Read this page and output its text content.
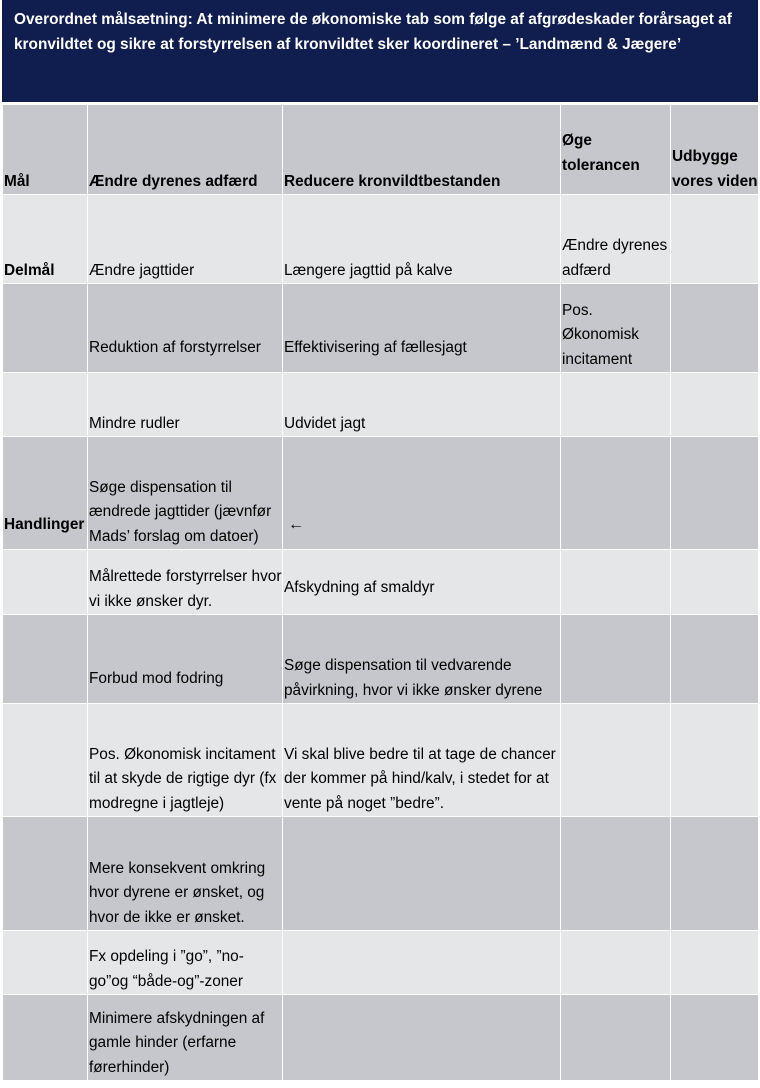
Overordnet målsætning: At minimere de økonomiske tab som følge af afgrødeskader forårsaget af kronvildtet og sikre at forstyrrelsen af kronvildtet sker koordineret – ’Landmænd & Jægere’

Mål	Ændre dyrenes adfærd	Reducere kronvildtbestanden	Øge tolerancen	Udbygge vores viden
Delmål	Ændre jagttider	Længere jagttid på kalve	Ændre dyrenes adfærd	
	Reduktion af forstyrrelser	Effektivisering af fællesjagt	Pos. Økonomisk incitament	
	Mindre rudler	Udvidet jagt		
Handlinger	Søge dispensation til ændrede jagttider (jævnfør Mads’ forslag om datoer)	←		
	Målrettede forstyrrelser hvor vi ikke ønsker dyr.	Afskydning af smaldyr		
	Forbud mod fodring	Søge dispensation til vedvarende påvirkning, hvor vi ikke ønsker dyrene		
	Pos. Økonomisk incitament til at skyde de rigtige dyr (fx modregne i jagtleje)	Vi skal blive bedre til at tage de chancer der kommer på hind/kalv, i stedet for at vente på noget ”bedre”.		
	Mere konsekvent omkring hvor dyrene er ønsket, og hvor de ikke er ønsket.			
	Fx opdeling i ”go”, ”no-go”og “både-og”-zoner			
	Minimere afskydningen af gamle hinder (erfarne førerhinder)			
